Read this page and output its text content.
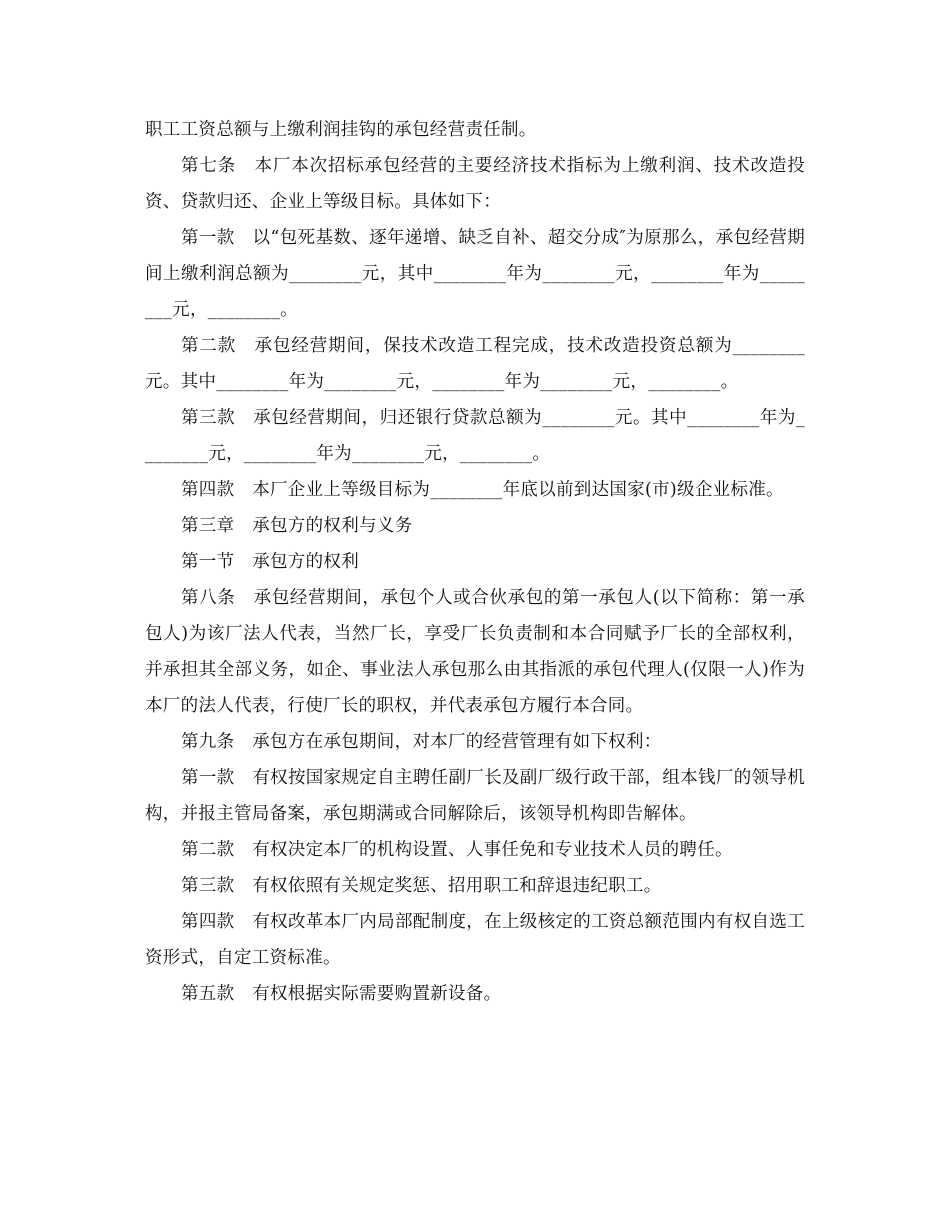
职工工资总额与上缴利润挂钩的承包经营责任制。

第七条　本厂本次招标承包经营的主要经济技术指标为上缴利润、技术改造投资、贷款归还、企业上等级目标。具体如下：

第一款　以“包死基数、逐年递增、缺乏自补、超交分成″为原那么，承包经营期间上缴利润总额为________元，其中________年为________元，________年为________元，________。

第二款　承包经营期间，保技术改造工程完成，技术改造投资总额为________元。其中________年为________元，________年为________元，________。

第三款　承包经营期间，归还银行贷款总额为________元。其中________年为________元，________年为________元，________。

第四款　本厂企业上等级目标为________年底以前到达国家(市)级企业标准。

第三章　承包方的权利与义务

第一节　承包方的权利

第八条　承包经营期间，承包个人或合伙承包的第一承包人(以下简称：第一承包人)为该厂法人代表，当然厂长，享受厂长负责制和本合同赋予厂长的全部权利，并承担其全部义务，如企、事业法人承包那么由其指派的承包代理人(仅限一人)作为本厂的法人代表，行使厂长的职权，并代表承包方履行本合同。

第九条　承包方在承包期间，对本厂的经营管理有如下权利：

第一款　有权按国家规定自主聘任副厂长及副厂级行政干部，组本钱厂的领导机构，并报主管局备案，承包期满或合同解除后，该领导机构即告解体。

第二款　有权决定本厂的机构设置、人事任免和专业技术人员的聘任。

第三款　有权依照有关规定奖惩、招用职工和辞退违纪职工。

第四款　有权改革本厂内局部配制度，在上级核定的工资总额范围内有权自选工资形式，自定工资标准。

第五款　有权根据实际需要购置新设备。
